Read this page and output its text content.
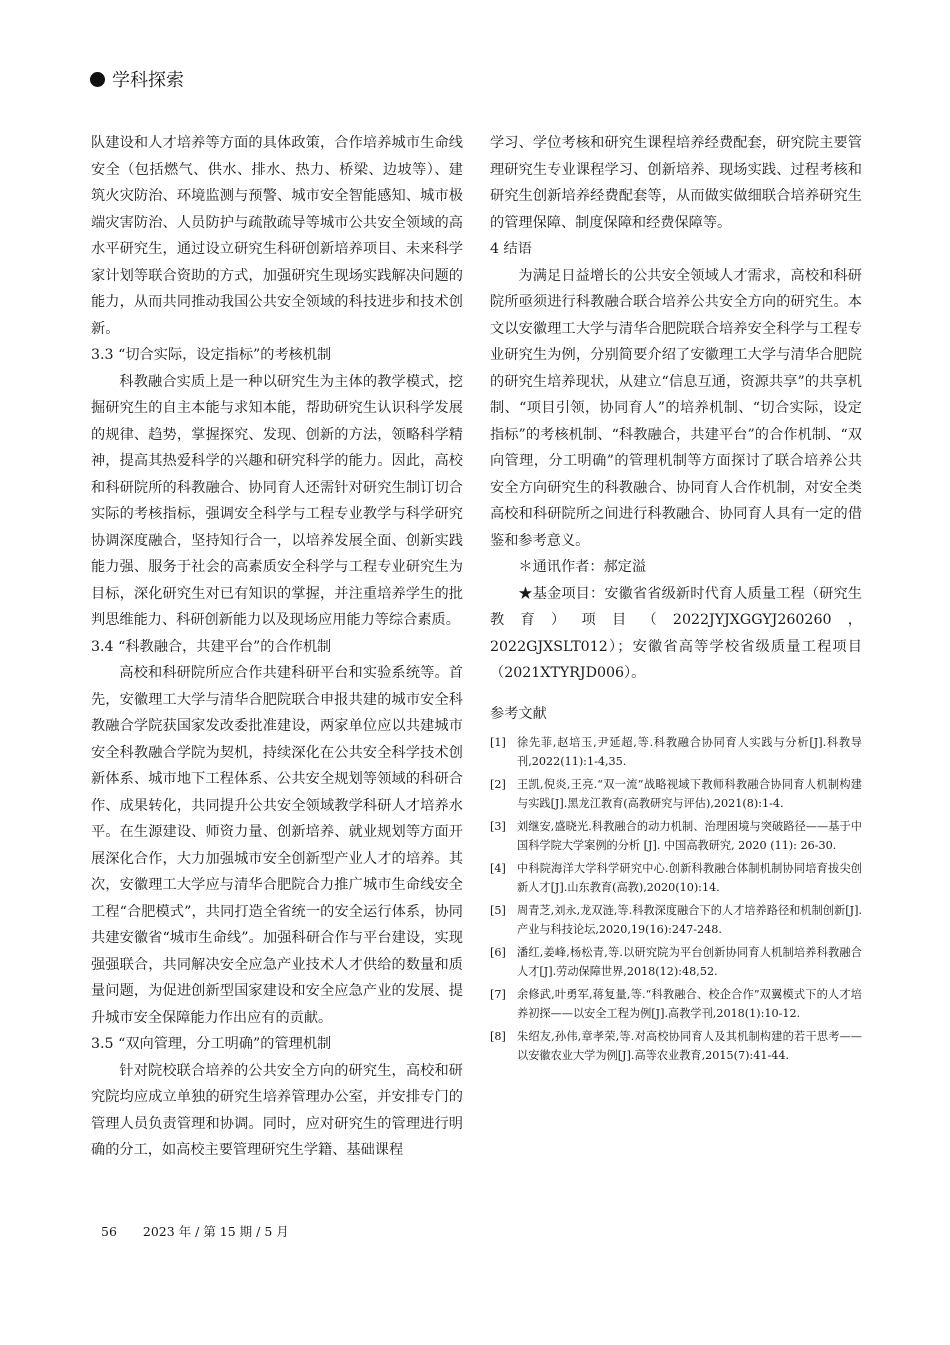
学科探索

队建设和人才培养等方面的具体政策，合作培养城市生命线安全（包括燃气、供水、排水、热力、桥梁、边坡等）、建筑火灾防治、环境监测与预警、城市安全智能感知、城市极端灾害防治、人员防护与疏散疏导等城市公共安全领域的高水平研究生，通过设立研究生科研创新培养项目、未来科学家计划等联合资助的方式，加强研究生现场实践解决问题的能力，从而共同推动我国公共安全领域的科技进步和技术创新。

3.3 “切合实际，设定指标”的考核机制

科教融合实质上是一种以研究生为主体的教学模式，挖掘研究生的自主本能与求知本能，帮助研究生认识科学发展的规律、趋势，掌握探究、发现、创新的方法，领略科学精神，提高其热爱科学的兴趣和研究科学的能力。因此，高校和科研院所的科教融合、协同育人还需针对研究生制订切合实际的考核指标，强调安全科学与工程专业教学与科学研究协调深度融合，坚持知行合一，以培养发展全面、创新实践能力强、服务于社会的高素质安全科学与工程专业研究生为目标，深化研究生对已有知识的掌握，并注重培养学生的批判思维能力、科研创新能力以及现场应用能力等综合素质。

3.4 “科教融合，共建平台”的合作机制

高校和科研院所应合作共建科研平台和实验系统等。首先，安徽理工大学与清华合肥院联合申报共建的城市安全科教融合学院获国家发改委批准建设，两家单位应以共建城市安全科教融合学院为契机，持续深化在公共安全科学技术创新体系、城市地下工程体系、公共安全规划等领域的科研合作、成果转化，共同提升公共安全领域教学科研人才培养水平。在生源建设、师资力量、创新培养、就业规划等方面开展深化合作，大力加强城市安全创新型产业人才的培养。其次，安徽理工大学应与清华合肥院合力推广城市生命线安全工程“合肥模式”，共同打造全省统一的安全运行体系，协同共建安徽省“城市生命线”。加强科研合作与平台建设，实现强强联合，共同解决安全应急产业技术人才供给的数量和质量问题，为促进创新型国家建设和安全应急产业的发展、提升城市安全保障能力作出应有的贡献。

3.5 “双向管理，分工明确”的管理机制

针对院校联合培养的公共安全方向的研究生，高校和研究院均应成立单独的研究生培养管理办公室，并安排专门的管理人员负责管理和协调。同时，应对研究生的管理进行明确的分工，如高校主要管理研究生学籍、基础课程

学习、学位考核和研究生课程培养经费配套，研究院主要管理研究生专业课程学习、创新培养、现场实践、过程考核和研究生创新培养经费配套等，从而做实做细联合培养研究生的管理保障、制度保障和经费保障等。

4 结语

为满足日益增长的公共安全领域人才需求，高校和科研院所亟须进行科教融合联合培养公共安全方向的研究生。本文以安徽理工大学与清华合肥院联合培养安全科学与工程专业研究生为例，分别简要介绍了安徽理工大学与清华合肥院的研究生培养现状，从建立“信息互通，资源共享”的共享机制、“项目引领，协同育人”的培养机制、“切合实际，设定指标”的考核机制、“科教融合，共建平台”的合作机制、“双向管理，分工明确”的管理机制等方面探讨了联合培养公共安全方向研究生的科教融合、协同育人合作机制，对安全类高校和科研院所之间进行科教融合、协同育人具有一定的借鉴和参考意义。

＊通讯作者：郝定溢

★基金项目：安徽省省级新时代育人质量工程（研究生教育）项目（2022JYJXGGYJ260260，2022GJXSLT012）；安徽省高等学校省级质量工程项目（2021XTYRJD006）。

参考文献
[1] 徐先菲,赵培玉,尹延超,等.科教融合协同育人实践与分析[J].科教导刊,2022(11):1-4,35.
[2] 王凯,倪炎,王亮.“双一流”战略视域下教师科教融合协同育人机制构建与实践[J].黑龙江教育(高教研究与评估),2021(8):1-4.
[3] 刘继安,盛晓光.科教融合的动力机制、治理困境与突破路径——基于中国科学院大学案例的分析 [J]. 中国高教研究, 2020 (11): 26-30.
[4] 中科院海洋大学科学研究中心.创新科教融合体制机制协同培育拔尖创新人才[J].山东教育(高教),2020(10):14.
[5] 周青芝,刘永,龙双涟,等.科教深度融合下的人才培养路径和机制创新[J].产业与科技论坛,2020,19(16):247-248.
[6] 潘红,姜峰,杨松青,等.以研究院为平台创新协同育人机制培养科教融合人才[J].劳动保障世界,2018(12):48,52.
[7] 余修武,叶勇军,蒋复量,等.“科教融合、校企合作”双翼模式下的人才培养初探——以安全工程为例[J].高教学刊,2018(1):10-12.
[8] 朱绍友,孙伟,章孝荣,等.对高校协同育人及其机制构建的若干思考——以安徽农业大学为例[J].高等农业教育,2015(7):41-44.
56 2023 年 / 第 15 期 / 5 月
